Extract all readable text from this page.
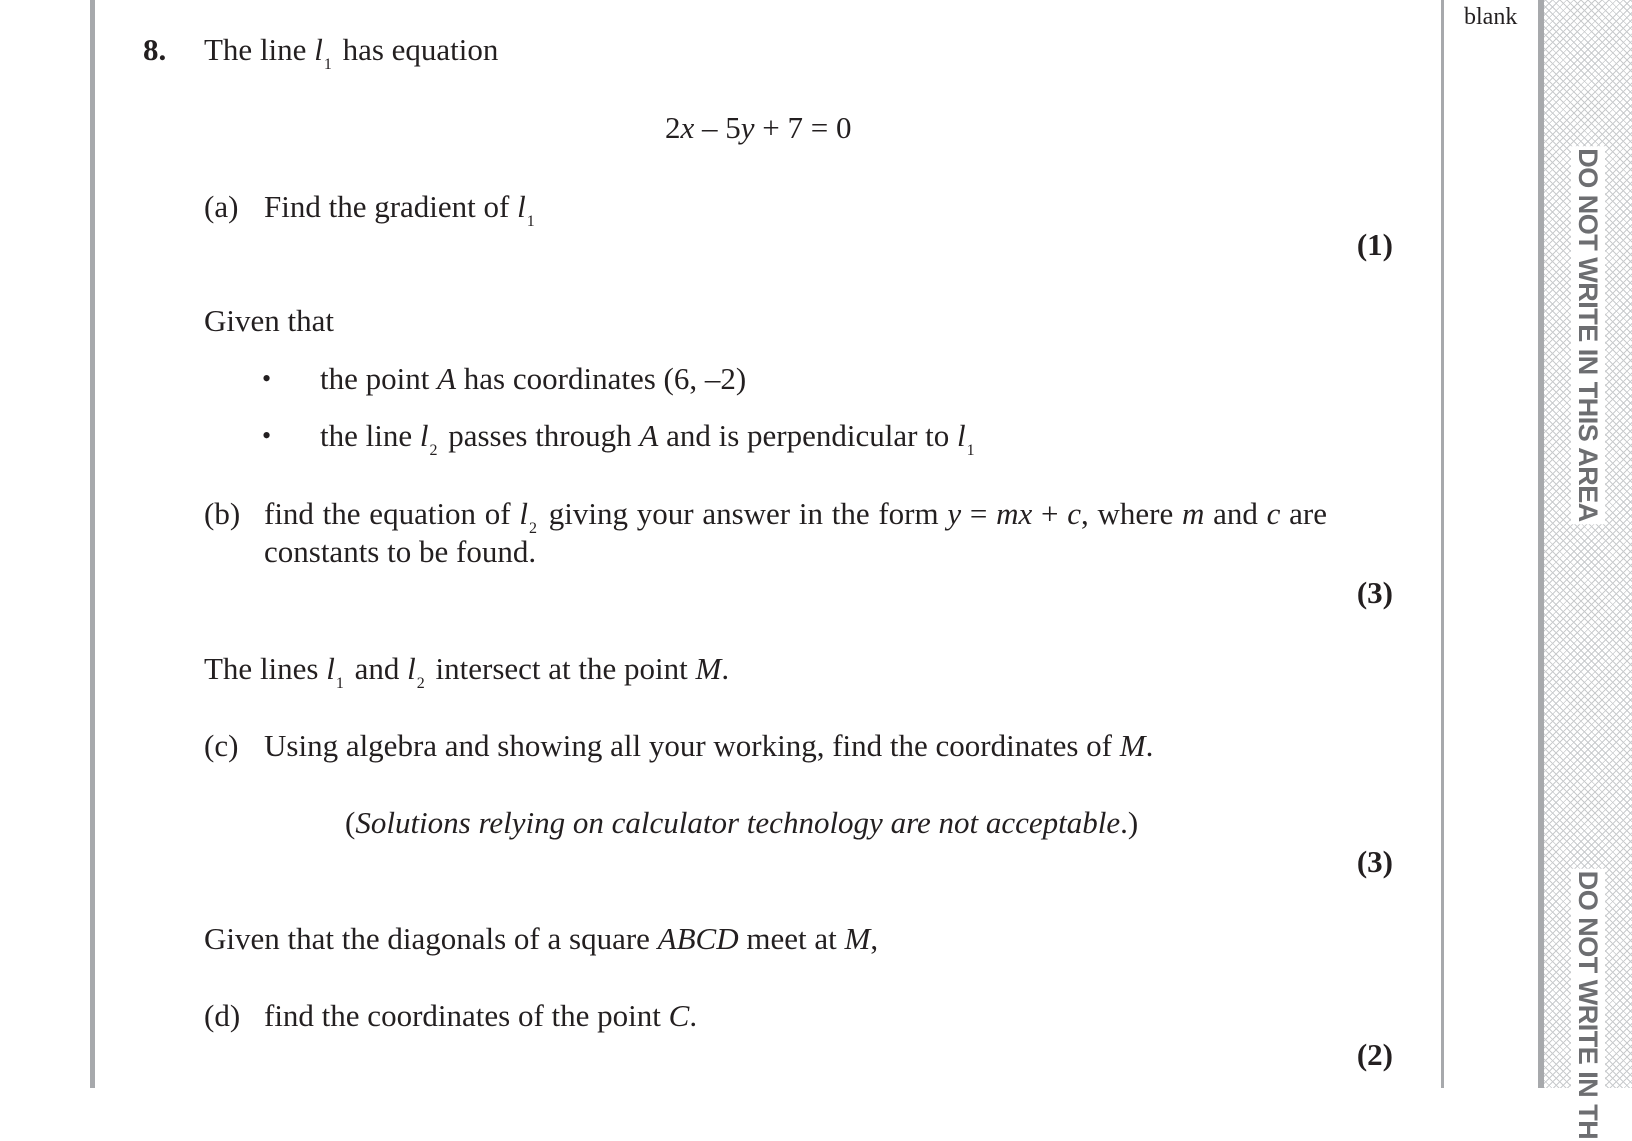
DO NOT WRITE IN THIS AREA
DO NOT WRITE IN TH
blank
8. The line $l_1$ has equation
2x – 5y + 7 = 0
(a) Find the gradient of $l_1$
(1)
Given that
• the point A has coordinates (6, –2)
• the line $l_2$ passes through A and is perpendicular to $l_1$
(b) find the equation of $l_2$ giving your answer in the form y = mx + c, where m and c are
constants to be found.
(3)
The lines $l_1$ and $l_2$ intersect at the point M.
(c) Using algebra and showing all your working, find the coordinates of M.
(Solutions relying on calculator technology are not acceptable.)
(3)
Given that the diagonals of a square ABCD meet at M,
(d) find the coordinates of the point C.
(2)
